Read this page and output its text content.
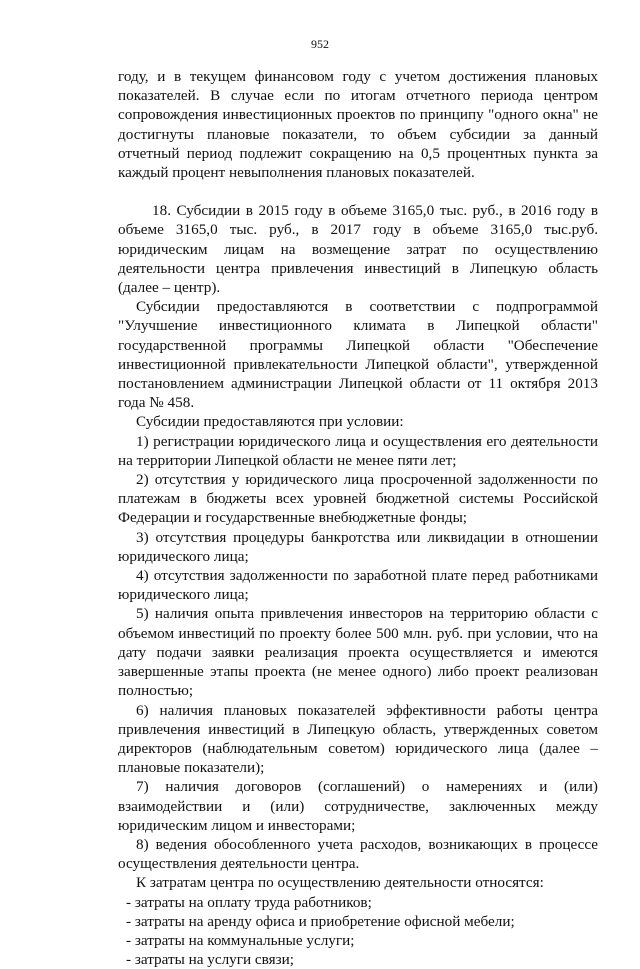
952

году, и в текущем финансовом году с учетом достижения плановых показателей. В случае если по итогам отчетного периода центром сопровождения инвестиционных проектов по принципу "одного окна" не достигнуты плановые показатели, то объем субсидии за данный отчетный период подлежит сокращению на 0,5 процентных пункта за каждый процент невыполнения плановых показателей.

18. Субсидии в 2015 году в объеме 3165,0 тыс. руб., в 2016 году в объеме 3165,0 тыс. руб., в 2017 году в объеме 3165,0 тыс.руб. юридическим лицам на возмещение затрат по осуществлению деятельности центра привлечения инвестиций в Липецкую область (далее – центр).

Субсидии предоставляются в соответствии с подпрограммой "Улучшение инвестиционного климата в Липецкой области" государственной программы Липецкой области "Обеспечение инвестиционной привлекательности Липецкой области", утвержденной постановлением администрации Липецкой области от 11 октября 2013 года № 458.

Субсидии предоставляются при условии:

1) регистрации юридического лица и осуществления его деятельности на территории Липецкой области не менее пяти лет;

2) отсутствия у юридического лица просроченной задолженности по платежам в бюджеты всех уровней бюджетной системы Российской Федерации и государственные внебюджетные фонды;

3) отсутствия процедуры банкротства или ликвидации в отношении юридического лица;

4) отсутствия задолженности по заработной плате перед работниками юридического лица;

5) наличия опыта привлечения инвесторов на территорию области с объемом инвестиций по проекту более 500 млн. руб. при условии, что на дату подачи заявки реализация проекта осуществляется и имеются завершенные этапы проекта (не менее одного) либо проект реализован полностью;

6) наличия плановых показателей эффективности работы центра привлечения инвестиций в Липецкую область, утвержденных советом директоров (наблюдательным советом) юридического лица (далее – плановые показатели);

7) наличия договоров (соглашений) о намерениях и (или) взаимодействии и (или) сотрудничестве, заключенных между юридическим лицом и инвесторами;

8) ведения обособленного учета расходов, возникающих в процессе осуществления деятельности центра.

К затратам центра по осуществлению деятельности относятся:

- затраты на оплату труда работников;

- затраты на аренду офиса и приобретение офисной мебели;

- затраты на коммунальные услуги;

- затраты на услуги связи;
